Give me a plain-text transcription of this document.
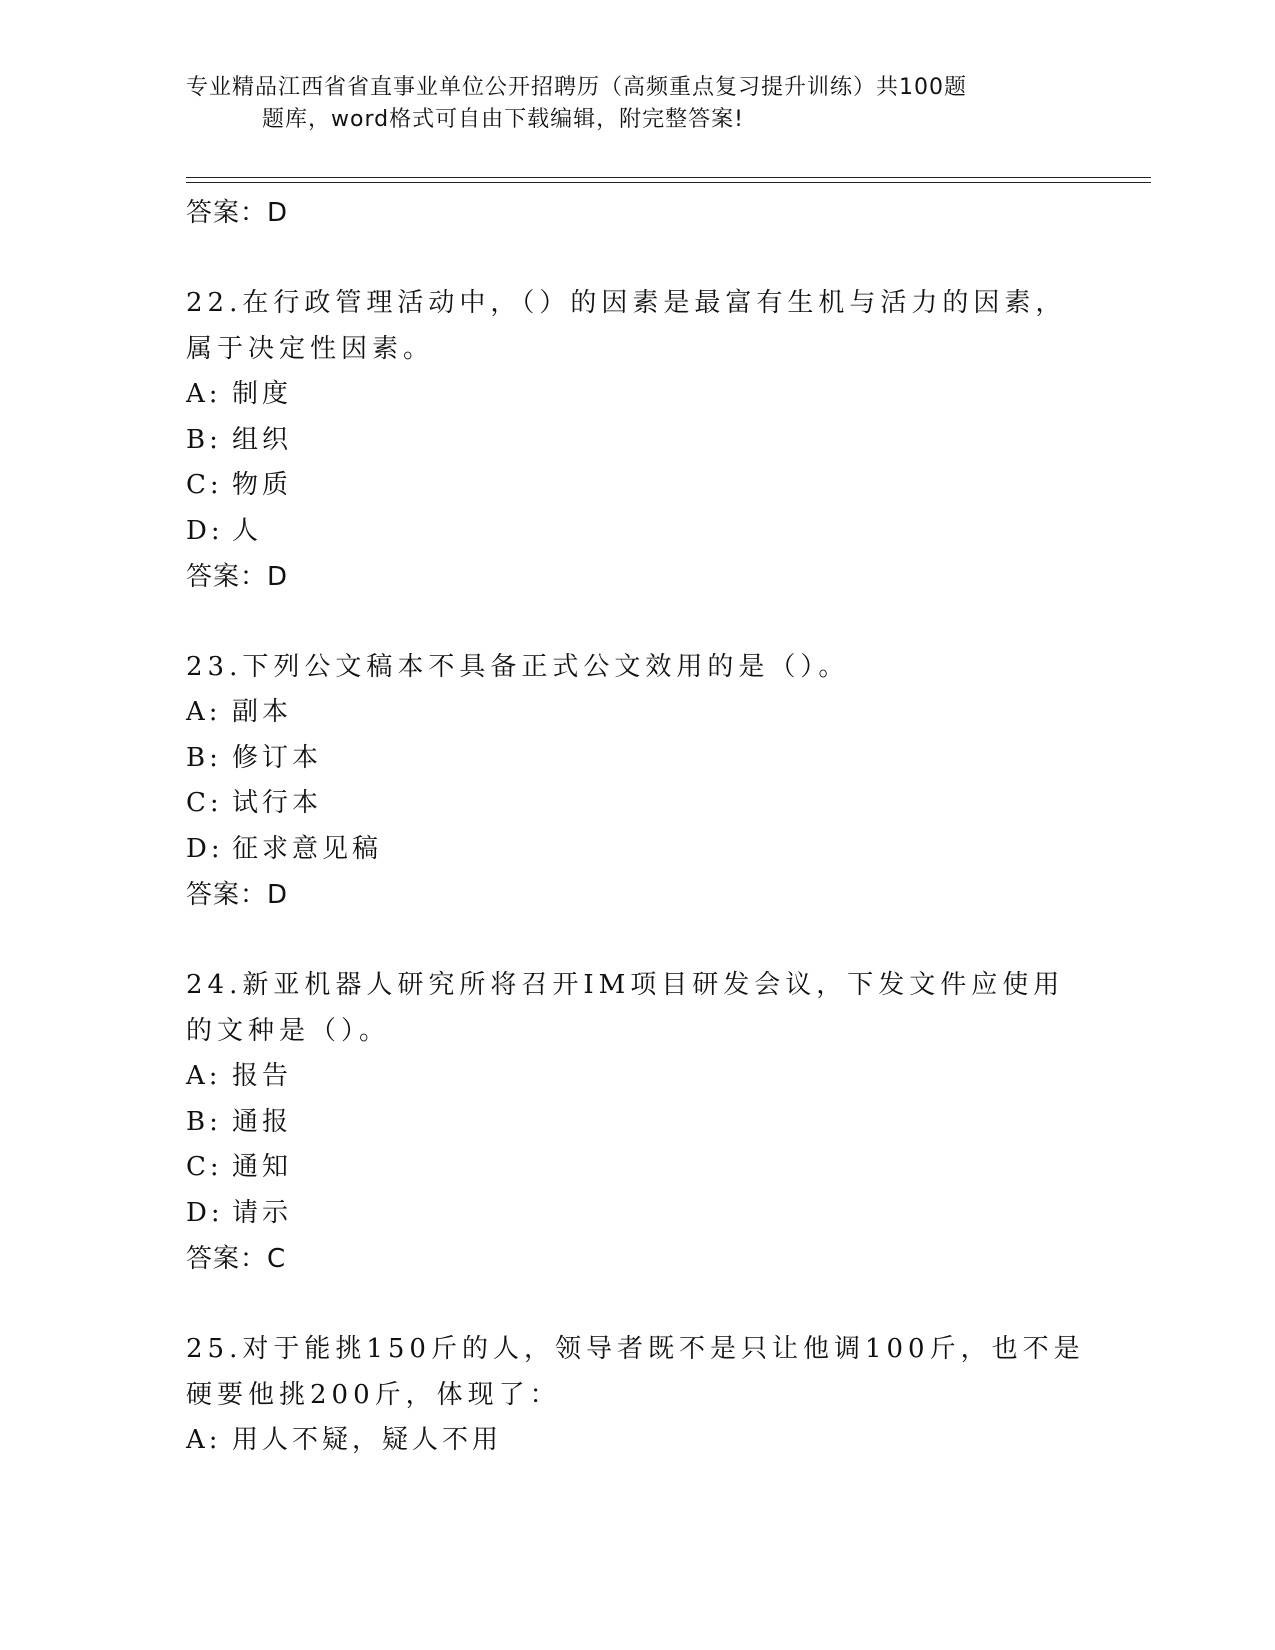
专业精品江西省省直事业单位公开招聘历（高频重点复习提升训练）共100题
题库，word格式可自由下载编辑，附完整答案!
答案：D
22.在行政管理活动中，（）的因素是最富有生机与活力的因素，属于决定性因素。
A: 制度
B: 组织
C: 物质
D: 人
答案：D
23.下列公文稿本不具备正式公文效用的是（）。
A: 副本
B: 修订本
C: 试行本
D: 征求意见稿
答案：D
24.新亚机器人研究所将召开IM项目研发会议，下发文件应使用的文种是（）。
A: 报告
B: 通报
C: 通知
D: 请示
答案：C
25.对于能挑150斤的人，领导者既不是只让他调100斤，也不是硬要他挑200斤，体现了：
A: 用人不疑，疑人不用
